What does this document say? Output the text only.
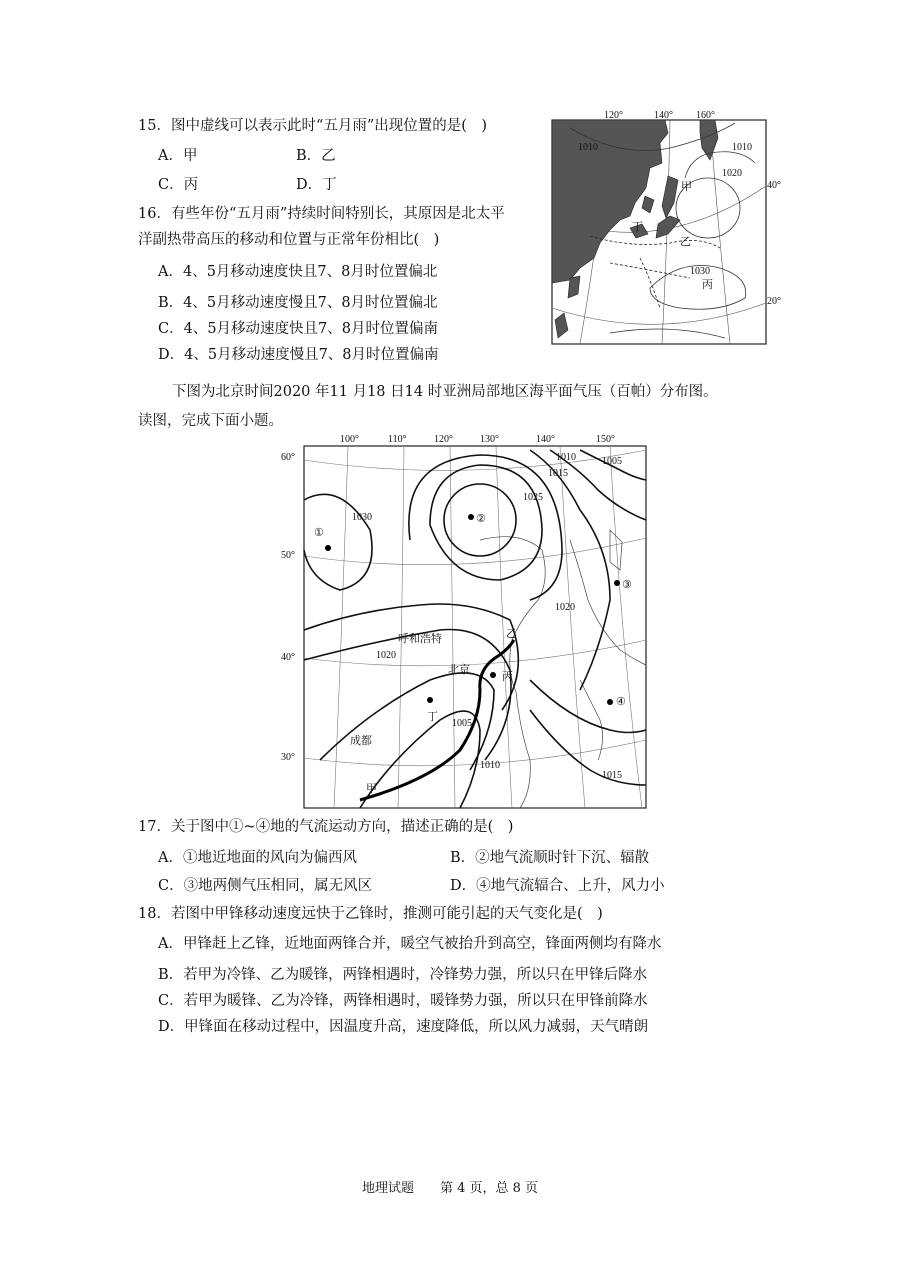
15．图中虚线可以表示此时“五月雨”出现位置的是(　)
A．甲	B．乙
C．丙	D．丁
16．有些年份“五月雨”持续时间特别长，其原因是北太平
洋副热带高压的移动和位置与正常年份相比(　)
A．4、5月移动速度快且7、8月时位置偏北
B．4、5月移动速度慢且7、8月时位置偏北
C．4、5月移动速度快且7、8月时位置偏南
D．4、5月移动速度慢且7、8月时位置偏南
120°	140° 160°
40°
20°
1010	1010
1020
1030
甲
丁
乙
丙
下图为北京时间2020 年11 月18 日14 时亚洲局部地区海平面气压（百帕）分布图。
读图，完成下面小题。
100°	110°	120°	130°	140°	150°
60°
50°
40°
30°
1030
1025
1015
1010	1005
1020
1020
1005
1010
1015
呼和浩特
北京
成都
①
②
③
④
乙
丙
丁
甲
17．关于图中①~④地的气流运动方向，描述正确的是(　)
A．①地近地面的风向为偏西风	B．②地气流顺时针下沉、辐散
C．③地两侧气压相同，属无风区	D．④地气流辐合、上升，风力小
18．若图中甲锋移动速度远快于乙锋时，推测可能引起的天气变化是(　)
A．甲锋赶上乙锋，近地面两锋合并，暖空气被抬升到高空，锋面两侧均有降水
B．若甲为冷锋、乙为暖锋，两锋相遇时，冷锋势力强，所以只在甲锋后降水
C．若甲为暖锋、乙为冷锋，两锋相遇时，暖锋势力强，所以只在甲锋前降水
D．甲锋面在移动过程中，因温度升高，速度降低，所以风力减弱，天气晴朗
地理试题　　第 4 页，总 8 页
